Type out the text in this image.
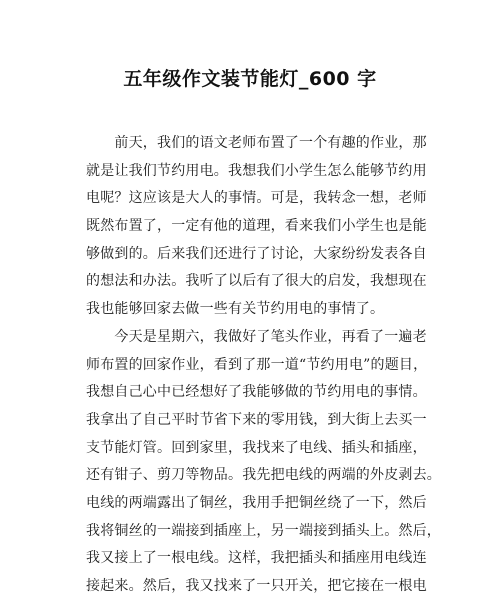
五年级作文装节能灯_600 字
　　前天，我们的语文老师布置了一个有趣的作业，那
就是让我们节约用电。我想我们小学生怎么能够节约用
电呢？这应该是大人的事情。可是，我转念一想，老师
既然布置了，一定有他的道理，看来我们小学生也是能
够做到的。后来我们还进行了讨论，大家纷纷发表各自
的想法和办法。我听了以后有了很大的启发，我想现在
我也能够回家去做一些有关节约用电的事情了。
　　今天是星期六，我做好了笔头作业，再看了一遍老
师布置的回家作业，看到了那一道“节约用电”的题目，
我想自己心中已经想好了我能够做的节约用电的事情。
我拿出了自己平时节省下来的零用钱，到大街上去买一
支节能灯管。回到家里，我找来了电线、插头和插座，
还有钳子、剪刀等物品。我先把电线的两端的外皮剥去。
电线的两端露出了铜丝，我用手把铜丝绕了一下，然后
我将铜丝的一端接到插座上，另一端接到插头上。然后，
我又接上了一根电线。这样，我把插头和插座用电线连
接起来。然后，我又找来了一只开关，把它接在一根电
